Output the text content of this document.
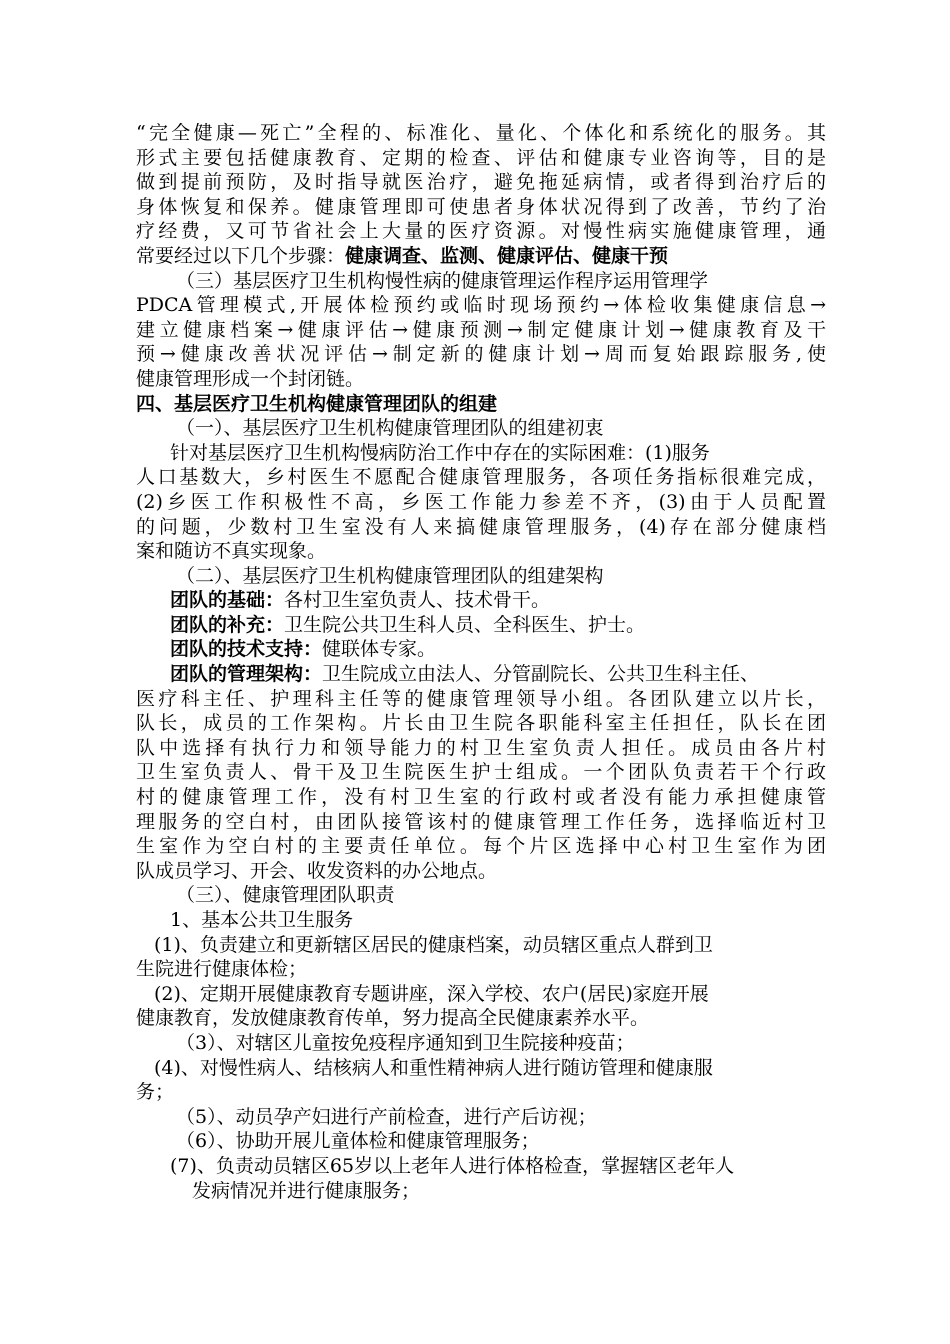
“完全健康—死亡”全程的、标准化、量化、个体化和系统化的服务。其
形式主要包括健康教育、定期的检查、评估和健康专业咨询等，目的是
做到提前预防，及时指导就医治疗，避免拖延病情，或者得到治疗后的
身体恢复和保养。健康管理即可使患者身体状况得到了改善，节约了治
疗经费，又可节省社会上大量的医疗资源。对慢性病实施健康管理，通
常要经过以下几个步骤：健康调查、监测、健康评估、健康干预
（三）基层医疗卫生机构慢性病的健康管理运作程序运用管理学
PDCA管理模式,开展体检预约或临时现场预约→体检收集健康信息→
建立健康档案→健康评估→健康预测→制定健康计划→健康教育及干
预→健康改善状况评估→制定新的健康计划→周而复始跟踪服务,使
健康管理形成一个封闭链。
四、基层医疗卫生机构健康管理团队的组建
（一）、基层医疗卫生机构健康管理团队的组建初衷
针对基层医疗卫生机构慢病防治工作中存在的实际困难：(1)服务
人口基数大，乡村医生不愿配合健康管理服务，各项任务指标很难完成，
(2)乡医工作积极性不高，乡医工作能力参差不齐，(3)由于人员配置
的问题，少数村卫生室没有人来搞健康管理服务，(4)存在部分健康档
案和随访不真实现象。
（二）、基层医疗卫生机构健康管理团队的组建架构
团队的基础：各村卫生室负责人、技术骨干。
团队的补充：卫生院公共卫生科人员、全科医生、护士。
团队的技术支持：健联体专家。
团队的管理架构：卫生院成立由法人、分管副院长、公共卫生科主任、
医疗科主任、护理科主任等的健康管理领导小组。各团队建立以片长，
队长，成员的工作架构。片长由卫生院各职能科室主任担任，队长在团
队中选择有执行力和领导能力的村卫生室负责人担任。成员由各片村
卫生室负责人、骨干及卫生院医生护士组成。一个团队负责若干个行政
村的健康管理工作，没有村卫生室的行政村或者没有能力承担健康管
理服务的空白村，由团队接管该村的健康管理工作任务，选择临近村卫
生室作为空白村的主要责任单位。每个片区选择中心村卫生室作为团
队成员学习、开会、收发资料的办公地点。
（三）、健康管理团队职责
1、基本公共卫生服务
(1)、负责建立和更新辖区居民的健康档案，动员辖区重点人群到卫
生院进行健康体检；
(2)、定期开展健康教育专题讲座，深入学校、农户(居民)家庭开展
健康教育，发放健康教育传单，努力提高全民健康素养水平。
（3）、对辖区儿童按免疫程序通知到卫生院接种疫苗；
(4)、对慢性病人、结核病人和重性精神病人进行随访管理和健康服
务；
（5）、动员孕产妇进行产前检查，进行产后访视；
（6）、协助开展儿童体检和健康管理服务；
(7)、负责动员辖区65岁以上老年人进行体格检查，掌握辖区老年人
发病情况并进行健康服务；
